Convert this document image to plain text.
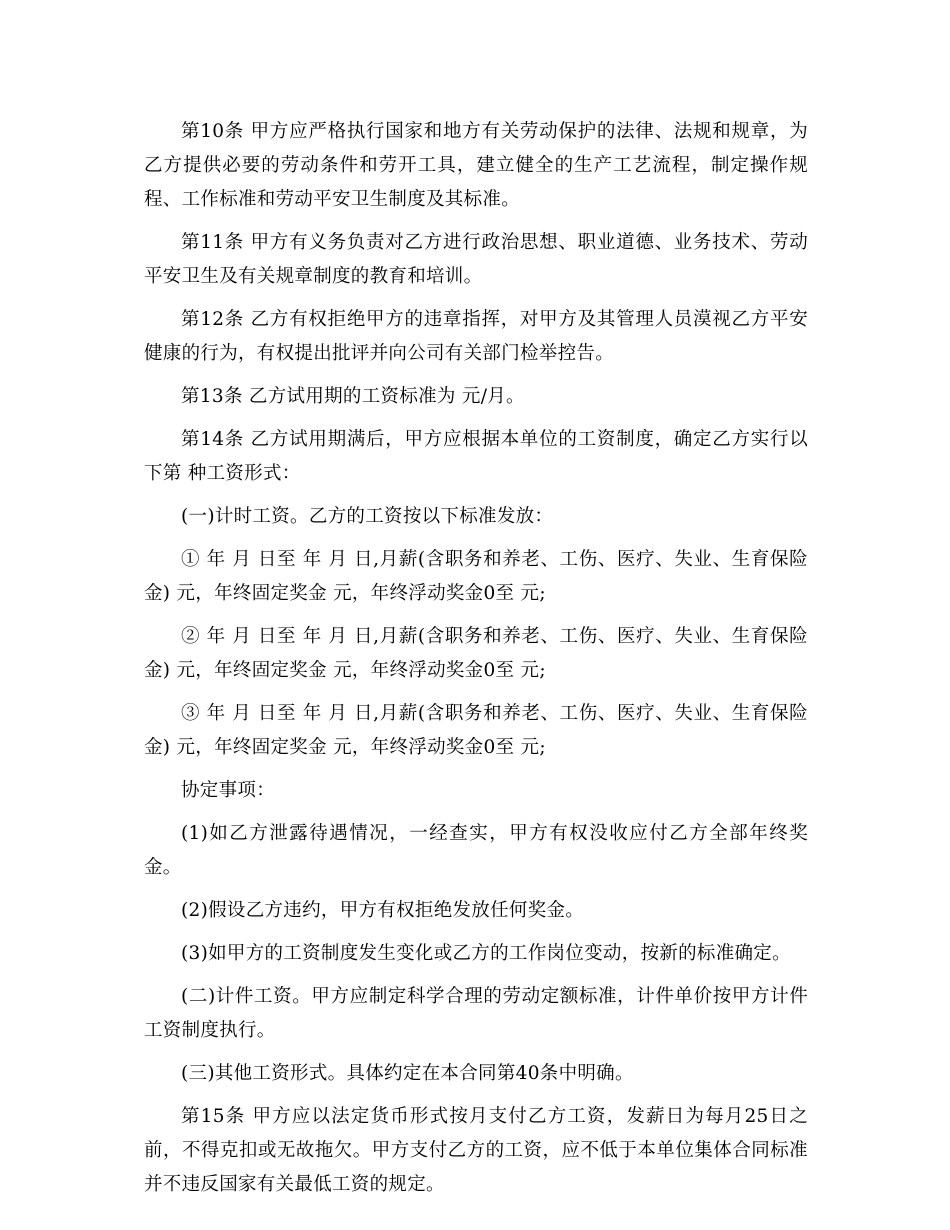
第10条 甲方应严格执行国家和地方有关劳动保护的法律、法规和规章，为乙方提供必要的劳动条件和劳开工具，建立健全的生产工艺流程，制定操作规程、工作标准和劳动平安卫生制度及其标准。

第11条 甲方有义务负责对乙方进行政治思想、职业道德、业务技术、劳动平安卫生及有关规章制度的教育和培训。

第12条 乙方有权拒绝甲方的违章指挥，对甲方及其管理人员漠视乙方平安健康的行为，有权提出批评并向公司有关部门检举控告。

第13条 乙方试用期的工资标准为 元/月。

第14条 乙方试用期满后，甲方应根据本单位的工资制度，确定乙方实行以下第 种工资形式：

(一)计时工资。乙方的工资按以下标准发放：

① 年 月 日至 年 月 日,月薪(含职务和养老、工伤、医疗、失业、生育保险金) 元，年终固定奖金 元，年终浮动奖金0至 元;

② 年 月 日至 年 月 日,月薪(含职务和养老、工伤、医疗、失业、生育保险金) 元，年终固定奖金 元，年终浮动奖金0至 元;

③ 年 月 日至 年 月 日,月薪(含职务和养老、工伤、医疗、失业、生育保险金) 元，年终固定奖金 元，年终浮动奖金0至 元;

协定事项：

(1)如乙方泄露待遇情况，一经查实，甲方有权没收应付乙方全部年终奖金。

(2)假设乙方违约，甲方有权拒绝发放任何奖金。

(3)如甲方的工资制度发生变化或乙方的工作岗位变动，按新的标准确定。

(二)计件工资。甲方应制定科学合理的劳动定额标准，计件单价按甲方计件工资制度执行。

(三)其他工资形式。具体约定在本合同第40条中明确。

第15条 甲方应以法定货币形式按月支付乙方工资，发薪日为每月25日之前，不得克扣或无故拖欠。甲方支付乙方的工资，应不低于本单位集体合同标准并不违反国家有关最低工资的规定。
